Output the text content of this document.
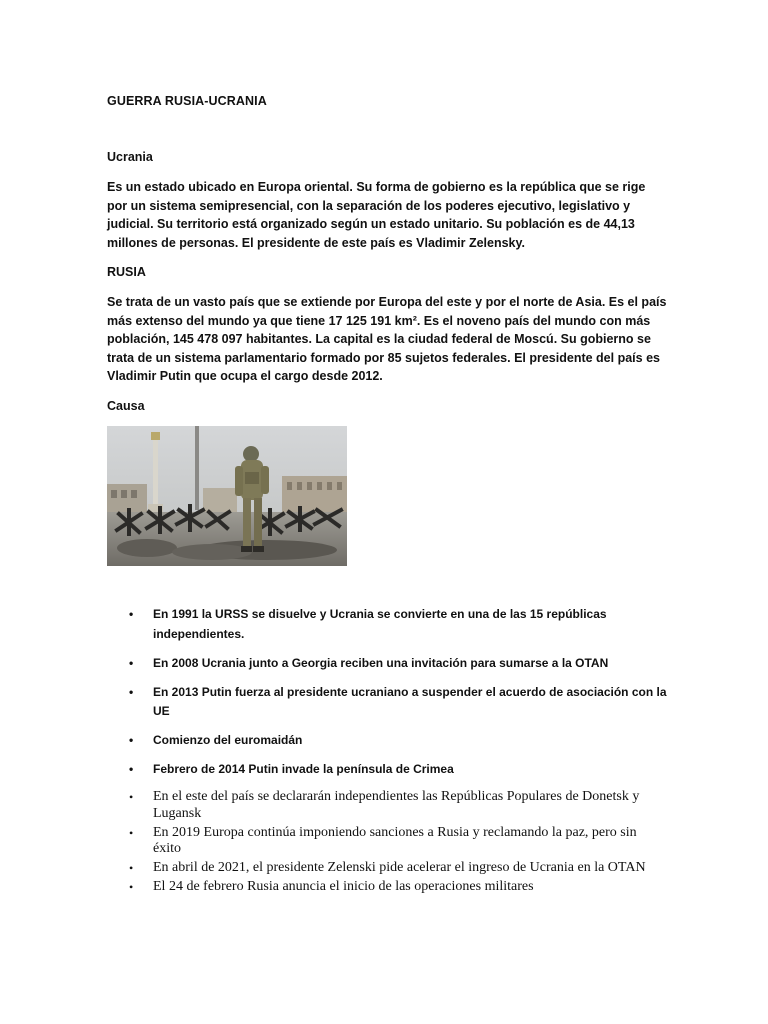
GUERRA RUSIA-UCRANIA
Ucrania

Es un estado ubicado en Europa oriental. Su forma de gobierno es la república que se rige por un sistema semipresencial, con la separación de los poderes ejecutivo, legislativo y judicial. Su territorio está organizado según un estado unitario. Su población es de 44,13 millones de personas. El presidente de este país es Vladimir Zelensky.

RUSIA

Se trata de un vasto país que se extiende por Europa del este y por el norte de Asia. Es el país más extenso del mundo ya que tiene 17 125 191 km². Es el noveno país del mundo con más población, 145 478 097 habitantes. La capital es la ciudad federal de Moscú. Su gobierno se trata de un sistema parlamentario formado por 85 sujetos federales. El presidente del país es Vladimir Putin que ocupa el cargo desde 2012.

Causa
• En 1991 la URSS se disuelve y Ucrania se convierte en una de las 15 repúblicas independientes.
• En 2008 Ucrania junto a Georgia reciben una invitación para sumarse a la OTAN
• En 2013 Putin fuerza al presidente ucraniano a suspender el acuerdo de asociación con la UE
• Comienzo del euromaidán
• Febrero de 2014 Putin invade la península de Crimea
• En el este del país se declararán independientes las Repúblicas Populares de Donetsk y Lugansk
• En 2019 Europa continúa imponiendo sanciones a Rusia y reclamando la paz, pero sin éxito
• En abril de 2021, el presidente Zelenski pide acelerar el ingreso de Ucrania en la OTAN
• El 24 de febrero Rusia anuncia el inicio de las operaciones militares
